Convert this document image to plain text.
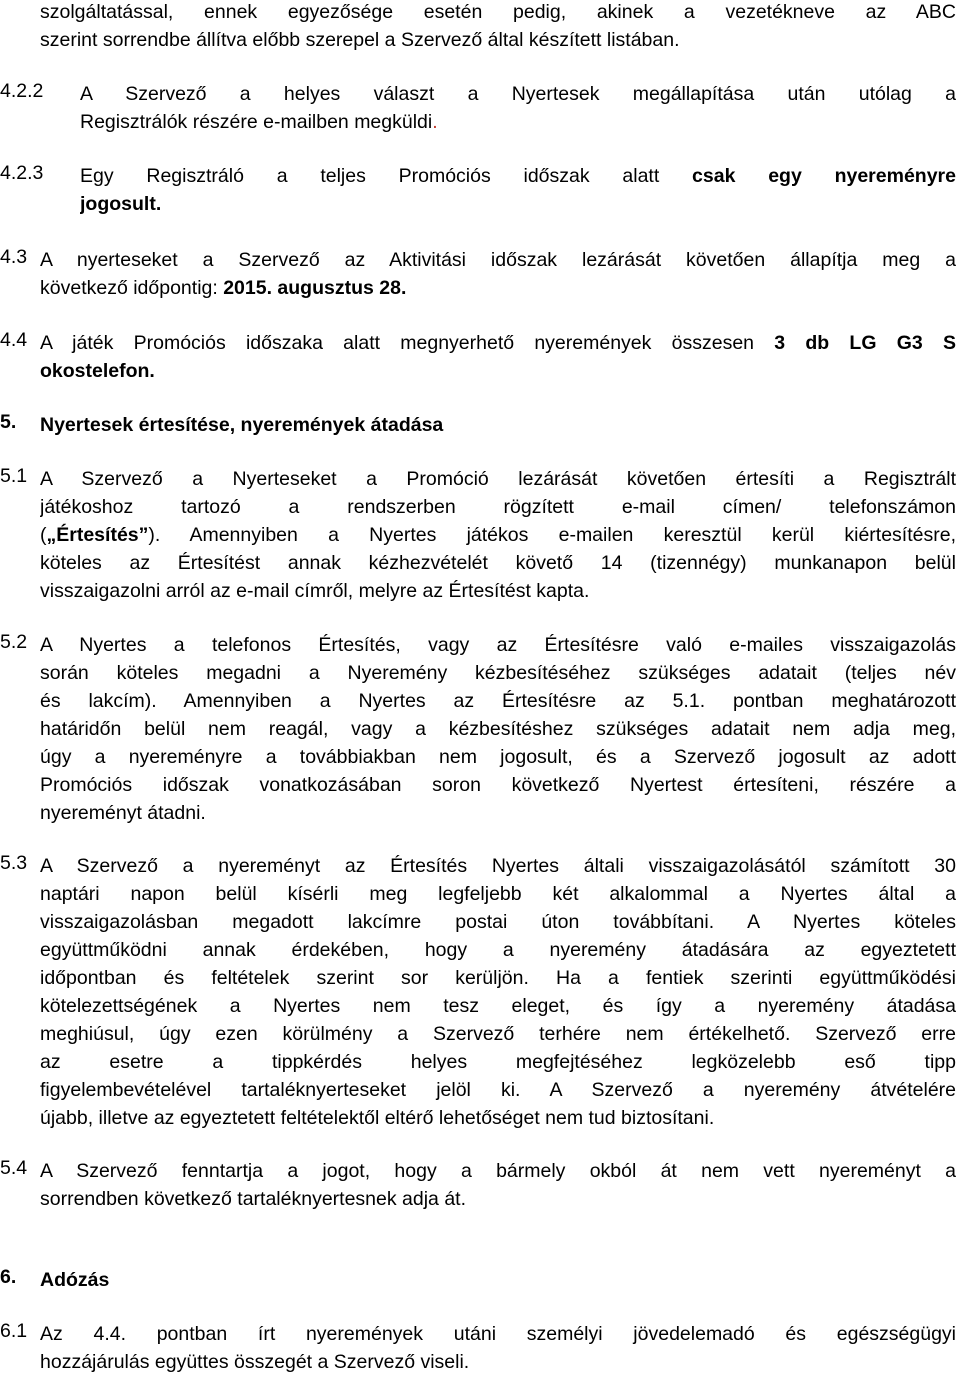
szolgáltatással, ennek egyezősége esetén pedig, akinek a vezetékneve az ABC
szerint sorrendbe állítva előbb szerepel a Szervező által készített listában.
4.2.2 A Szervező a helyes választ a Nyertesek megállapítása után utólag a
Regisztrálók részére e-mailben megküldi.
4.2.3 Egy Regisztráló a teljes Promóciós időszak alatt csak egy nyereményre
jogosult.
4.3 A nyerteseket a Szervező az Aktivitási időszak lezárását követően állapítja meg a
következő időpontig: 2015. augusztus 28.
4.4 A játék Promóciós időszaka alatt megnyerhető nyeremények összesen 3 db LG G3 S
okostelefon.
5. Nyertesek értesítése, nyeremények átadása
5.1 A Szervező a Nyerteseket a Promóció lezárását követően értesíti a Regisztrált
játékoshoz tartozó a rendszerben rögzített e-mail címen/ telefonszámon
(„Értesítés”). Amennyiben a Nyertes játékos e-mailen keresztül kerül kiértesítésre,
köteles az Értesítést annak kézhezvételét követő 14 (tizennégy) munkanapon belül
visszaigazolni arról az e-mail címről, melyre az Értesítést kapta.
5.2 A Nyertes a telefonos Értesítés, vagy az Értesítésre való e-mailes visszaigazolás
során köteles megadni a Nyeremény kézbesítéséhez szükséges adatait (teljes név
és lakcím). Amennyiben a Nyertes az Értesítésre az 5.1. pontban meghatározott
határidőn belül nem reagál, vagy a kézbesítéshez szükséges adatait nem adja meg,
úgy a nyereményre a továbbiakban nem jogosult, és a Szervező jogosult az adott
Promóciós időszak vonatkozásában soron következő Nyertest értesíteni, részére a
nyereményt átadni.
5.3 A Szervező a nyereményt az Értesítés Nyertes általi visszaigazolásától számított 30
naptári napon belül kísérli meg legfeljebb két alkalommal a Nyertes által a
visszaigazolásban megadott lakcímre postai úton továbbítani. A Nyertes köteles
együttműködni annak érdekében, hogy a nyeremény átadására az egyeztetett
időpontban és feltételek szerint sor kerüljön. Ha a fentiek szerinti együttműködési
kötelezettségének a Nyertes nem tesz eleget, és így a nyeremény átadása
meghiúsul, úgy ezen körülmény a Szervező terhére nem értékelhető. Szervező erre
az esetre a tippkérdés helyes megfejtéséhez legközelebb eső tipp
figyelembevételével tartaléknyerteseket jelöl ki. A Szervező a nyeremény átvételére
újabb, illetve az egyeztetett feltételektől eltérő lehetőséget nem tud biztosítani.
5.4 A Szervező fenntartja a jogot, hogy a bármely okból át nem vett nyereményt a
sorrendben következő tartaléknyertesnek adja át.
6. Adózás
6.1 Az 4.4. pontban írt nyeremények utáni személyi jövedelemadó és egészségügyi
hozzájárulás együttes összegét a Szervező viseli.
